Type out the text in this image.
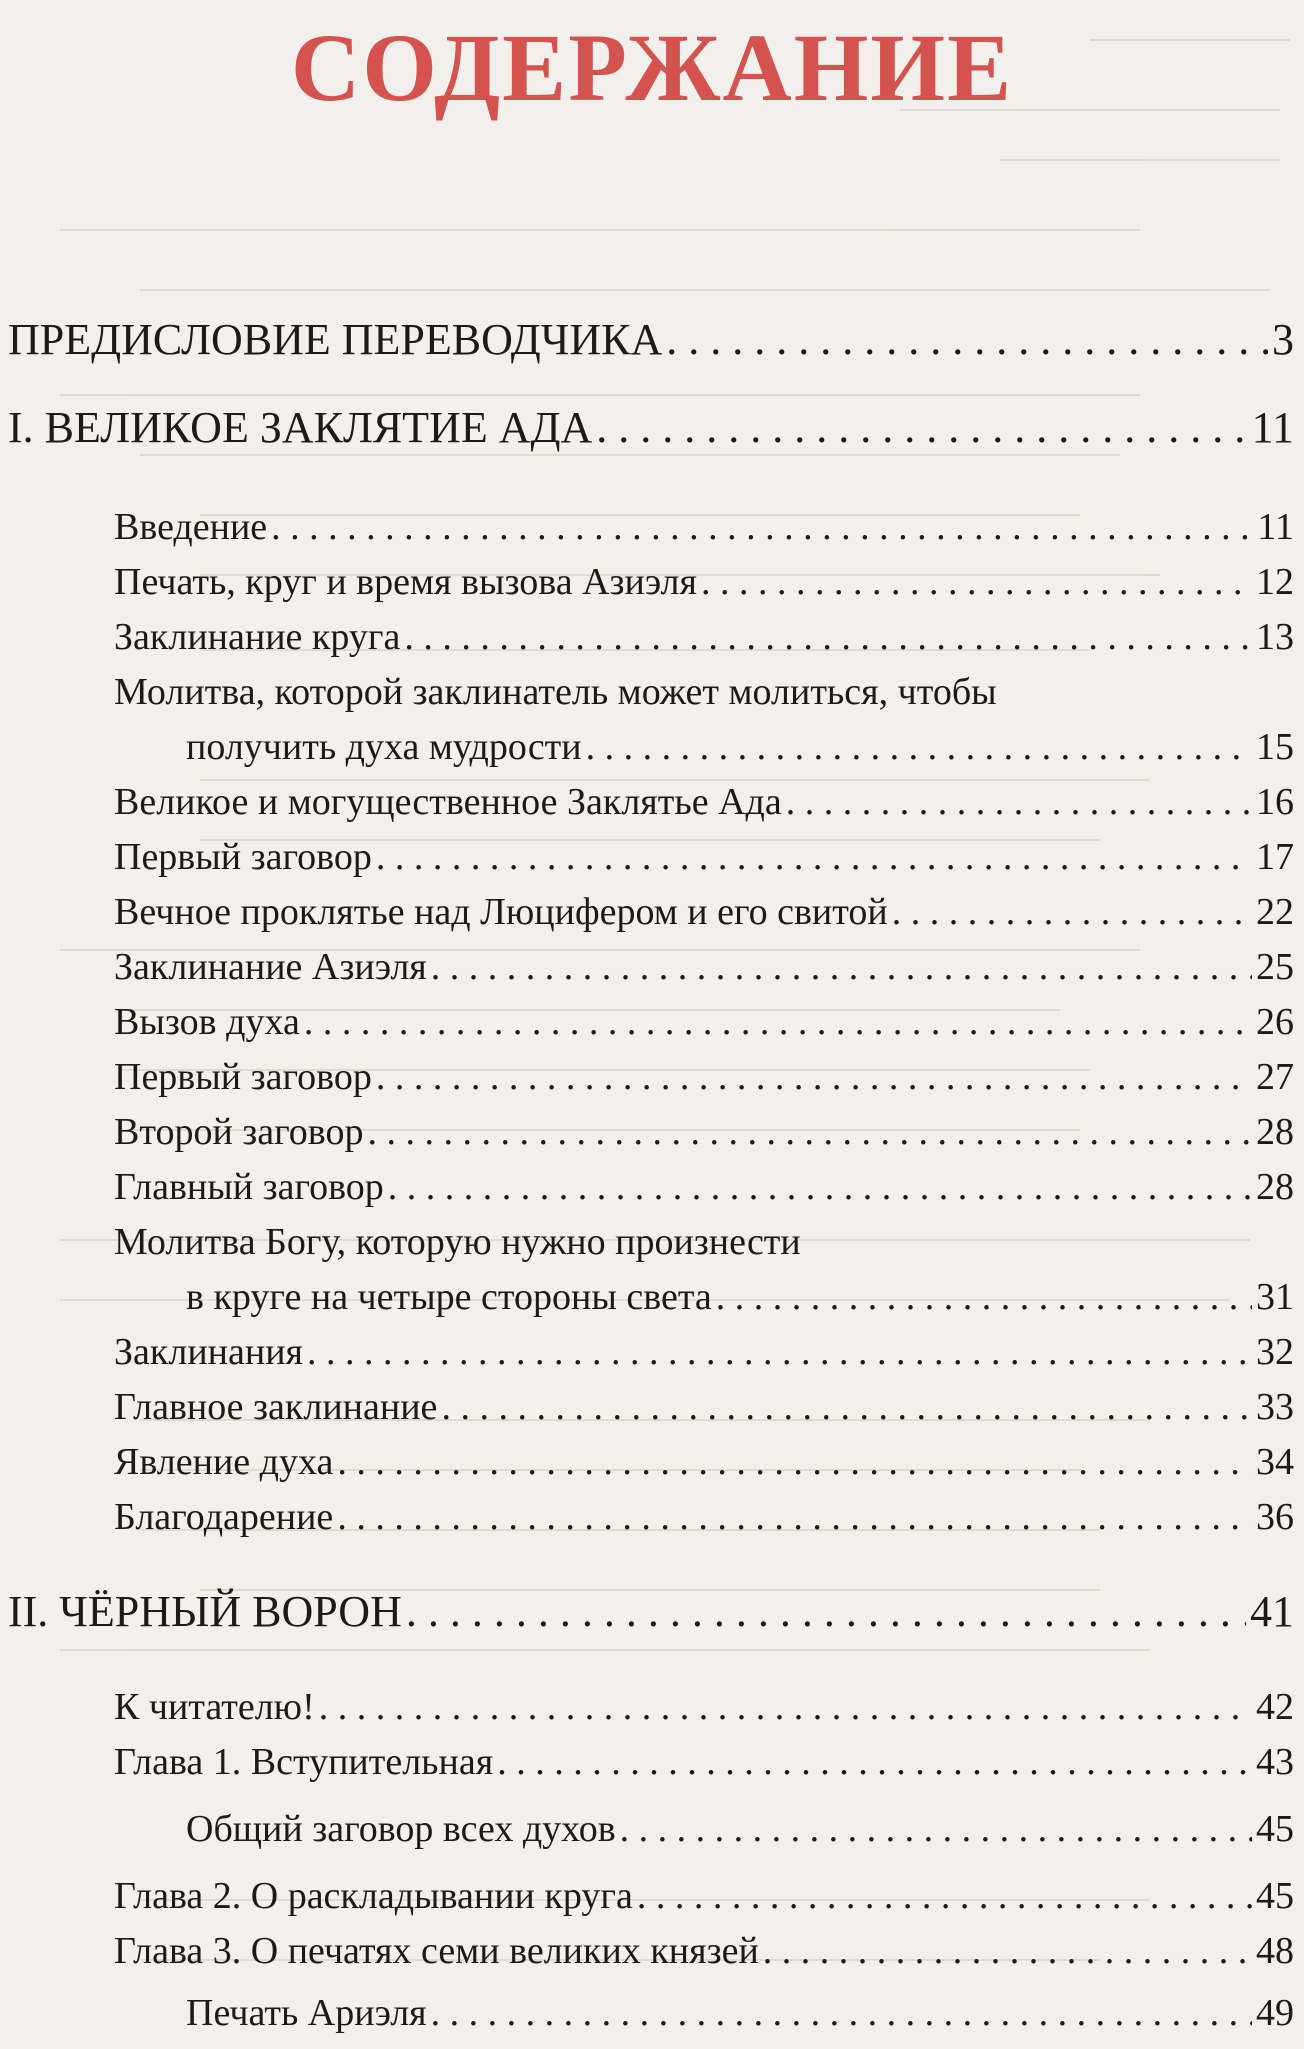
СОДЕРЖАНИЕ
ПРЕДИСЛОВИЕ ПЕРЕВОДЧИКА . . .	3
I. ВЕЛИКОЕ ЗАКЛЯТИЕ АДА . . .	11
Введение . . .	11
Печать, круг и время вызова Азиэля . . .	12
Заклинание круга . . .	13
Молитва, которой заклинатель может молиться, чтобы
получить духа мудрости . . .	15
Великое и могущественное Заклятье Ада . . .	16
Первый заговор . . .	17
Вечное проклятье над Люцифером и его свитой . . .	22
Заклинание Азиэля . . .	25
Вызов духа . . .	26
Первый заговор . . .	27
Второй заговор . . .	28
Главный заговор . . .	28
Молитва Богу, которую нужно произнести
в круге на четыре стороны света . . .	31
Заклинания . . .	32
Главное заклинание . . .	33
Явление духа . . .	34
Благодарение . . .	36
II. ЧЁРНЫЙ ВОРОН . . .	41
К читателю! . . .	42
Глава 1. Вступительная . . .	43
Общий заговор всех духов . . .	45
Глава 2. О раскладывании круга . . .	45
Глава 3. О печатях семи великих князей . . .	48
Печать Ариэля . . .	49
